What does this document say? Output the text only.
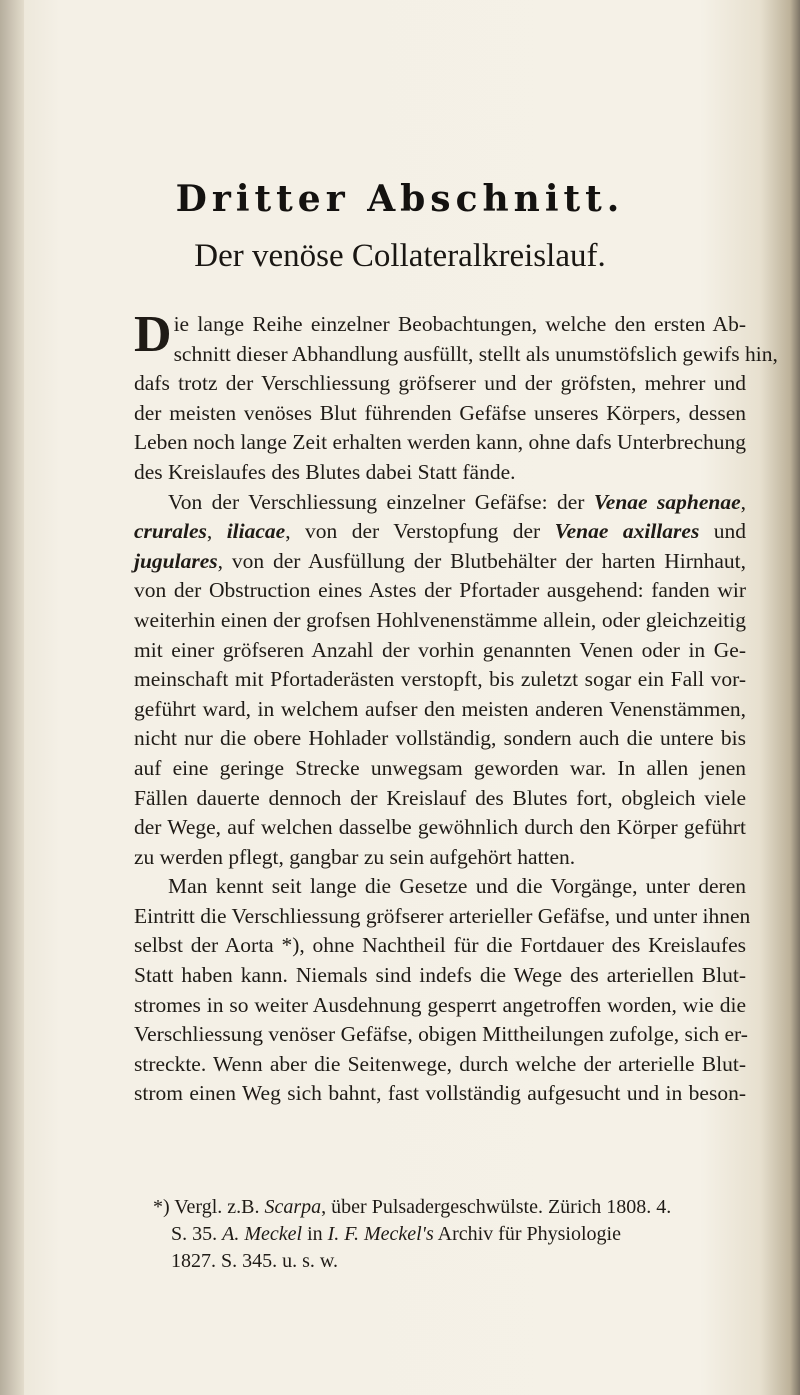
Dritter Abschnitt.
Der venöse Collateralkreislauf.
D ie lange Reihe einzelner Beobachtungen, welche den ersten Ab-
schnitt dieser Abhandlung ausfüllt, stellt als unumstöfslich gewifs hin,
dafs trotz der Verschliessung gröfserer und der gröfsten, mehrer und
der meisten venöses Blut führenden Gefäfse unseres Körpers, dessen
Leben noch lange Zeit erhalten werden kann, ohne dafs Unterbrechung
des Kreislaufes des Blutes dabei Statt fände.
Von der Verschliessung einzelner Gefäfse: der Venae saphenae,
crurales, iliacae, von der Verstopfung der Venae axillares und
jugulares, von der Ausfüllung der Blutbehälter der harten Hirnhaut,
von der Obstruction eines Astes der Pfortader ausgehend: fanden wir
weiterhin einen der grofsen Hohlvenenstämme allein, oder gleichzeitig
mit einer gröfseren Anzahl der vorhin genannten Venen oder in Ge-
meinschaft mit Pfortaderästen verstopft, bis zuletzt sogar ein Fall vor-
geführt ward, in welchem aufser den meisten anderen Venenstämmen,
nicht nur die obere Hohlader vollständig, sondern auch die untere bis
auf eine geringe Strecke unwegsam geworden war. In allen jenen
Fällen dauerte dennoch der Kreislauf des Blutes fort, obgleich viele
der Wege, auf welchen dasselbe gewöhnlich durch den Körper geführt
zu werden pflegt, gangbar zu sein aufgehört hatten.
Man kennt seit lange die Gesetze und die Vorgänge, unter deren
Eintritt die Verschliessung gröfserer arterieller Gefäfse, und unter ihnen
selbst der Aorta *), ohne Nachtheil für die Fortdauer des Kreislaufes
Statt haben kann. Niemals sind indefs die Wege des arteriellen Blut-
stromes in so weiter Ausdehnung gesperrt angetroffen worden, wie die
Verschliessung venöser Gefäfse, obigen Mittheilungen zufolge, sich er-
streckte. Wenn aber die Seitenwege, durch welche der arterielle Blut-
strom einen Weg sich bahnt, fast vollständig aufgesucht und in beson-
*) Vergl. z.B. Scarpa, über Pulsadergeschwülste. Zürich 1808. 4.
S. 35. A. Meckel in I. F. Meckel's Archiv für Physiologie
1827. S. 345. u. s. w.
